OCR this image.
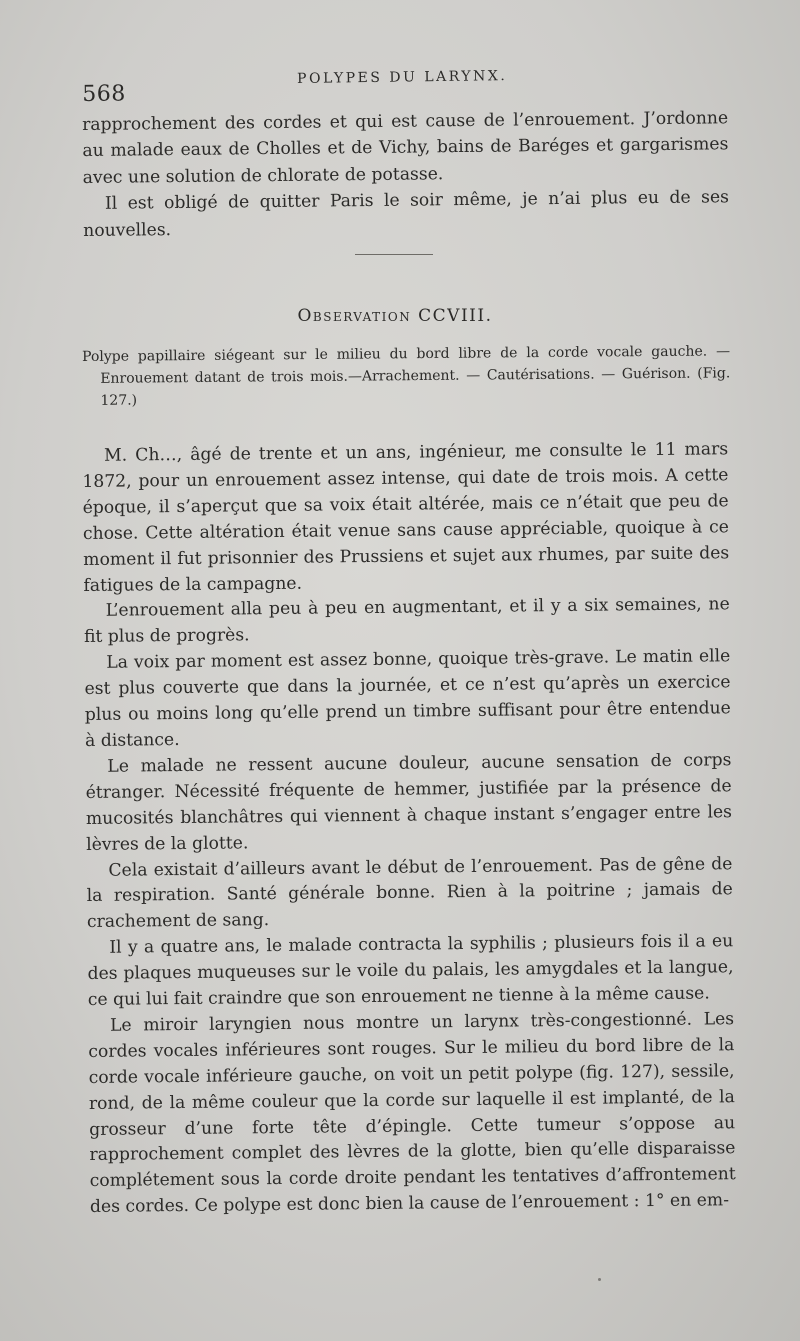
568
POLYPES DU LARYNX.

rapprochement des cordes et qui est cause de l’enrouement. J’ordonne au malade eaux de Cholles et de Vichy, bains de Baréges et gargarismes avec une solution de chlorate de potasse.

Il est obligé de quitter Paris le soir même, je n’ai plus eu de ses nouvelles.

Observation CCVIII.

Polype papillaire siégeant sur le milieu du bord libre de la corde vocale gauche. —Enrouement datant de trois mois.—Arrachement. — Cautérisations. — Guérison. (Fig. 127.)

M. Ch…, âgé de trente et un ans, ingénieur, me consulte le 11 mars 1872, pour un enrouement assez intense, qui date de trois mois. A cette époque, il s’aperçut que sa voix était altérée, mais ce n’était que peu de chose. Cette altération était venue sans cause appréciable, quoique à ce moment il fut prisonnier des Prussiens et sujet aux rhumes, par suite des fatigues de la campagne.

L’enrouement alla peu à peu en augmentant, et il y a six semaines, ne fit plus de progrès.

La voix par moment est assez bonne, quoique très-grave. Le matin elle est plus couverte que dans la journée, et ce n’est qu’après un exercice plus ou moins long qu’elle prend un timbre suffisant pour être entendue à distance.

Le malade ne ressent aucune douleur, aucune sensation de corps étranger. Nécessité fréquente de hemmer, justifiée par la présence de mucosités blanchâtres qui viennent à chaque instant s’engager entre les lèvres de la glotte.

Cela existait d’ailleurs avant le début de l’enrouement. Pas de gêne de la respiration. Santé générale bonne. Rien à la poitrine ; jamais de crachement de sang.

Il y a quatre ans, le malade contracta la syphilis ; plusieurs fois il a eu des plaques muqueuses sur le voile du palais, les amygdales et la langue, ce qui lui fait craindre que son enrouement ne tienne à la même cause.

Le miroir laryngien nous montre un larynx très-congestionné. Les cordes vocales inférieures sont rouges. Sur le milieu du bord libre de la corde vocale inférieure gauche, on voit un petit polype (fig. 127), sessile, rond, de la même couleur que la corde sur laquelle il est implanté, de la grosseur d’une forte tête d’épingle. Cette tumeur s’oppose au rapprochement complet des lèvres de la glotte, bien qu’elle disparaisse complétement sous la corde droite pendant les tentatives d’affrontement des cordes. Ce polype est donc bien la cause de l’enrouement : 1° en em-
